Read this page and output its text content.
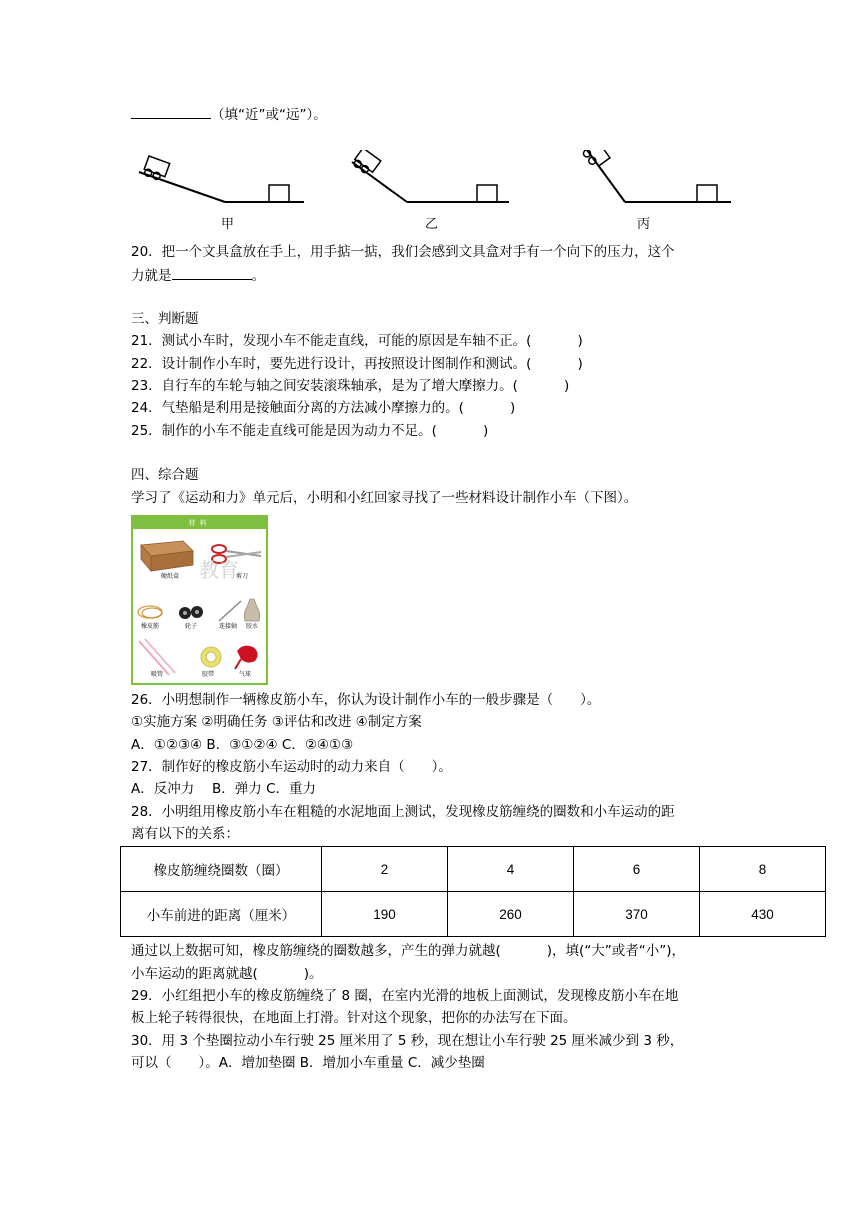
（填“近”或“远”）。
甲	乙	丙
20．把一个文具盒放在手上，用手掂一掂，我们会感到文具盒对手有一个向下的压力，这个
力就是	。
三、判断题
21．测试小车时，发现小车不能走直线，可能的原因是车轴不正。(	)
22．设计制作小车时，要先进行设计，再按照设计图制作和测试。(	)
23．自行车的车轮与轴之间安装滚珠轴承，是为了增大摩擦力。(	)
24．气垫船是利用是接触面分离的方法减小摩擦力的。(	)
25．制作的小车不能走直线可能是因为动力不足。(	)
四、综合题
学习了《运动和力》单元后，小明和小红回家寻找了一些材料设计制作小车（下图）。
材料
教育
硬纸盒	剪刀
橡皮筋	轮子	连接轴 胶水
吸管	胶带	气球
26．小明想制作一辆橡皮筋小车，你认为设计制作小车的一般步骤是（　　）。
①实施方案 ②明确任务 ③评估和改进 ④制定方案
A．①②③④ B．③①②④ C．②④①③
27．制作好的橡皮筋小车运动时的动力来自（　　）。
A．反冲力 　B．弹力 C．重力
28．小明组用橡皮筋小车在粗糙的水泥地面上测试，发现橡皮筋缠绕的圈数和小车运动的距
离有以下的关系：
橡皮筋缠绕圈数（圈）	2	4	6	8
小车前进的距离（厘米）	190	260	370	430
通过以上数据可知，橡皮筋缠绕的圈数越多，产生的弹力就越(	)，填(“大”或者“小”)，
小车运动的距离就越(	)。
29．小红组把小车的橡皮筋缠绕了 8 圈，在室内光滑的地板上面测试，发现橡皮筋小车在地
板上轮子转得很快，在地面上打滑。针对这个现象，把你的办法写在下面。
30．用 3 个垫圈拉动小车行驶 25 厘米用了 5 秒，现在想让小车行驶 25 厘米减少到 3 秒，
可以（　　）。A．增加垫圈 B．增加小车重量 C．减少垫圈
